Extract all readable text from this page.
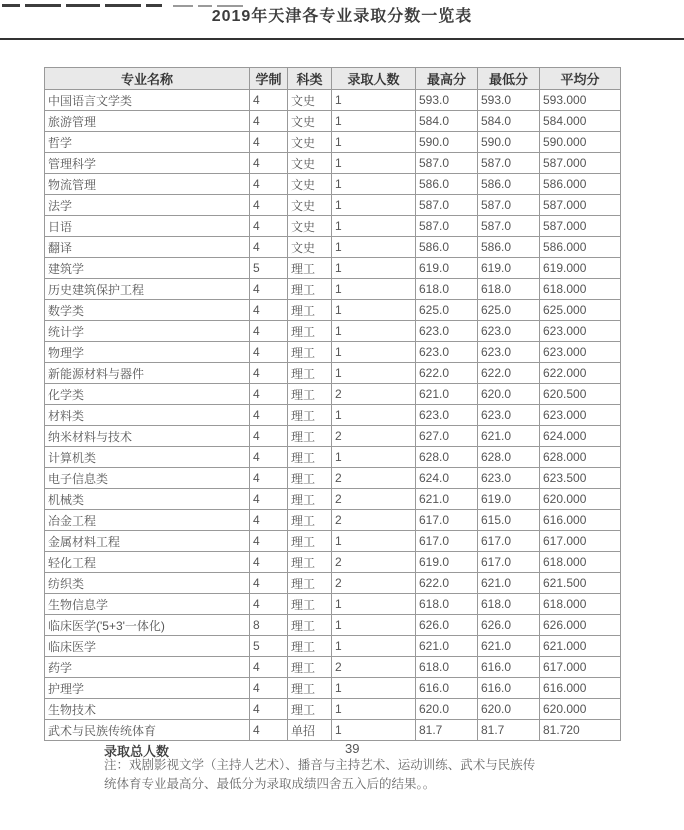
2019年天津各专业录取分数一览表
专业名称	学制	科类	录取人数	最高分	最低分	平均分
中国语言文学类	4	文史	1	593.0	593.0	593.000
旅游管理	4	文史	1	584.0	584.0	584.000
哲学	4	文史	1	590.0	590.0	590.000
管理科学	4	文史	1	587.0	587.0	587.000
物流管理	4	文史	1	586.0	586.0	586.000
法学	4	文史	1	587.0	587.0	587.000
日语	4	文史	1	587.0	587.0	587.000
翻译	4	文史	1	586.0	586.0	586.000
建筑学	5	理工	1	619.0	619.0	619.000
历史建筑保护工程	4	理工	1	618.0	618.0	618.000
数学类	4	理工	1	625.0	625.0	625.000
统计学	4	理工	1	623.0	623.0	623.000
物理学	4	理工	1	623.0	623.0	623.000
新能源材料与器件	4	理工	1	622.0	622.0	622.000
化学类	4	理工	2	621.0	620.0	620.500
材料类	4	理工	1	623.0	623.0	623.000
纳米材料与技术	4	理工	2	627.0	621.0	624.000
计算机类	4	理工	1	628.0	628.0	628.000
电子信息类	4	理工	2	624.0	623.0	623.500
机械类	4	理工	2	621.0	619.0	620.000
冶金工程	4	理工	2	617.0	615.0	616.000
金属材料工程	4	理工	1	617.0	617.0	617.000
轻化工程	4	理工	2	619.0	617.0	618.000
纺织类	4	理工	2	622.0	621.0	621.500
生物信息学	4	理工	1	618.0	618.0	618.000
临床医学('5+3'一体化)	8	理工	1	626.0	626.0	626.000
临床医学	5	理工	1	621.0	621.0	621.000
药学	4	理工	2	618.0	616.0	617.000
护理学	4	理工	1	616.0	616.0	616.000
生物技术	4	理工	1	620.0	620.0	620.000
武术与民族传统体育	4	单招	1	81.7	81.7	81.720
录取总人数	39
注：戏剧影视文学（主持人艺术）、播音与主持艺术、运动训练、武术与民族传
统体育专业最高分、最低分为录取成绩四舍五入后的结果。。
